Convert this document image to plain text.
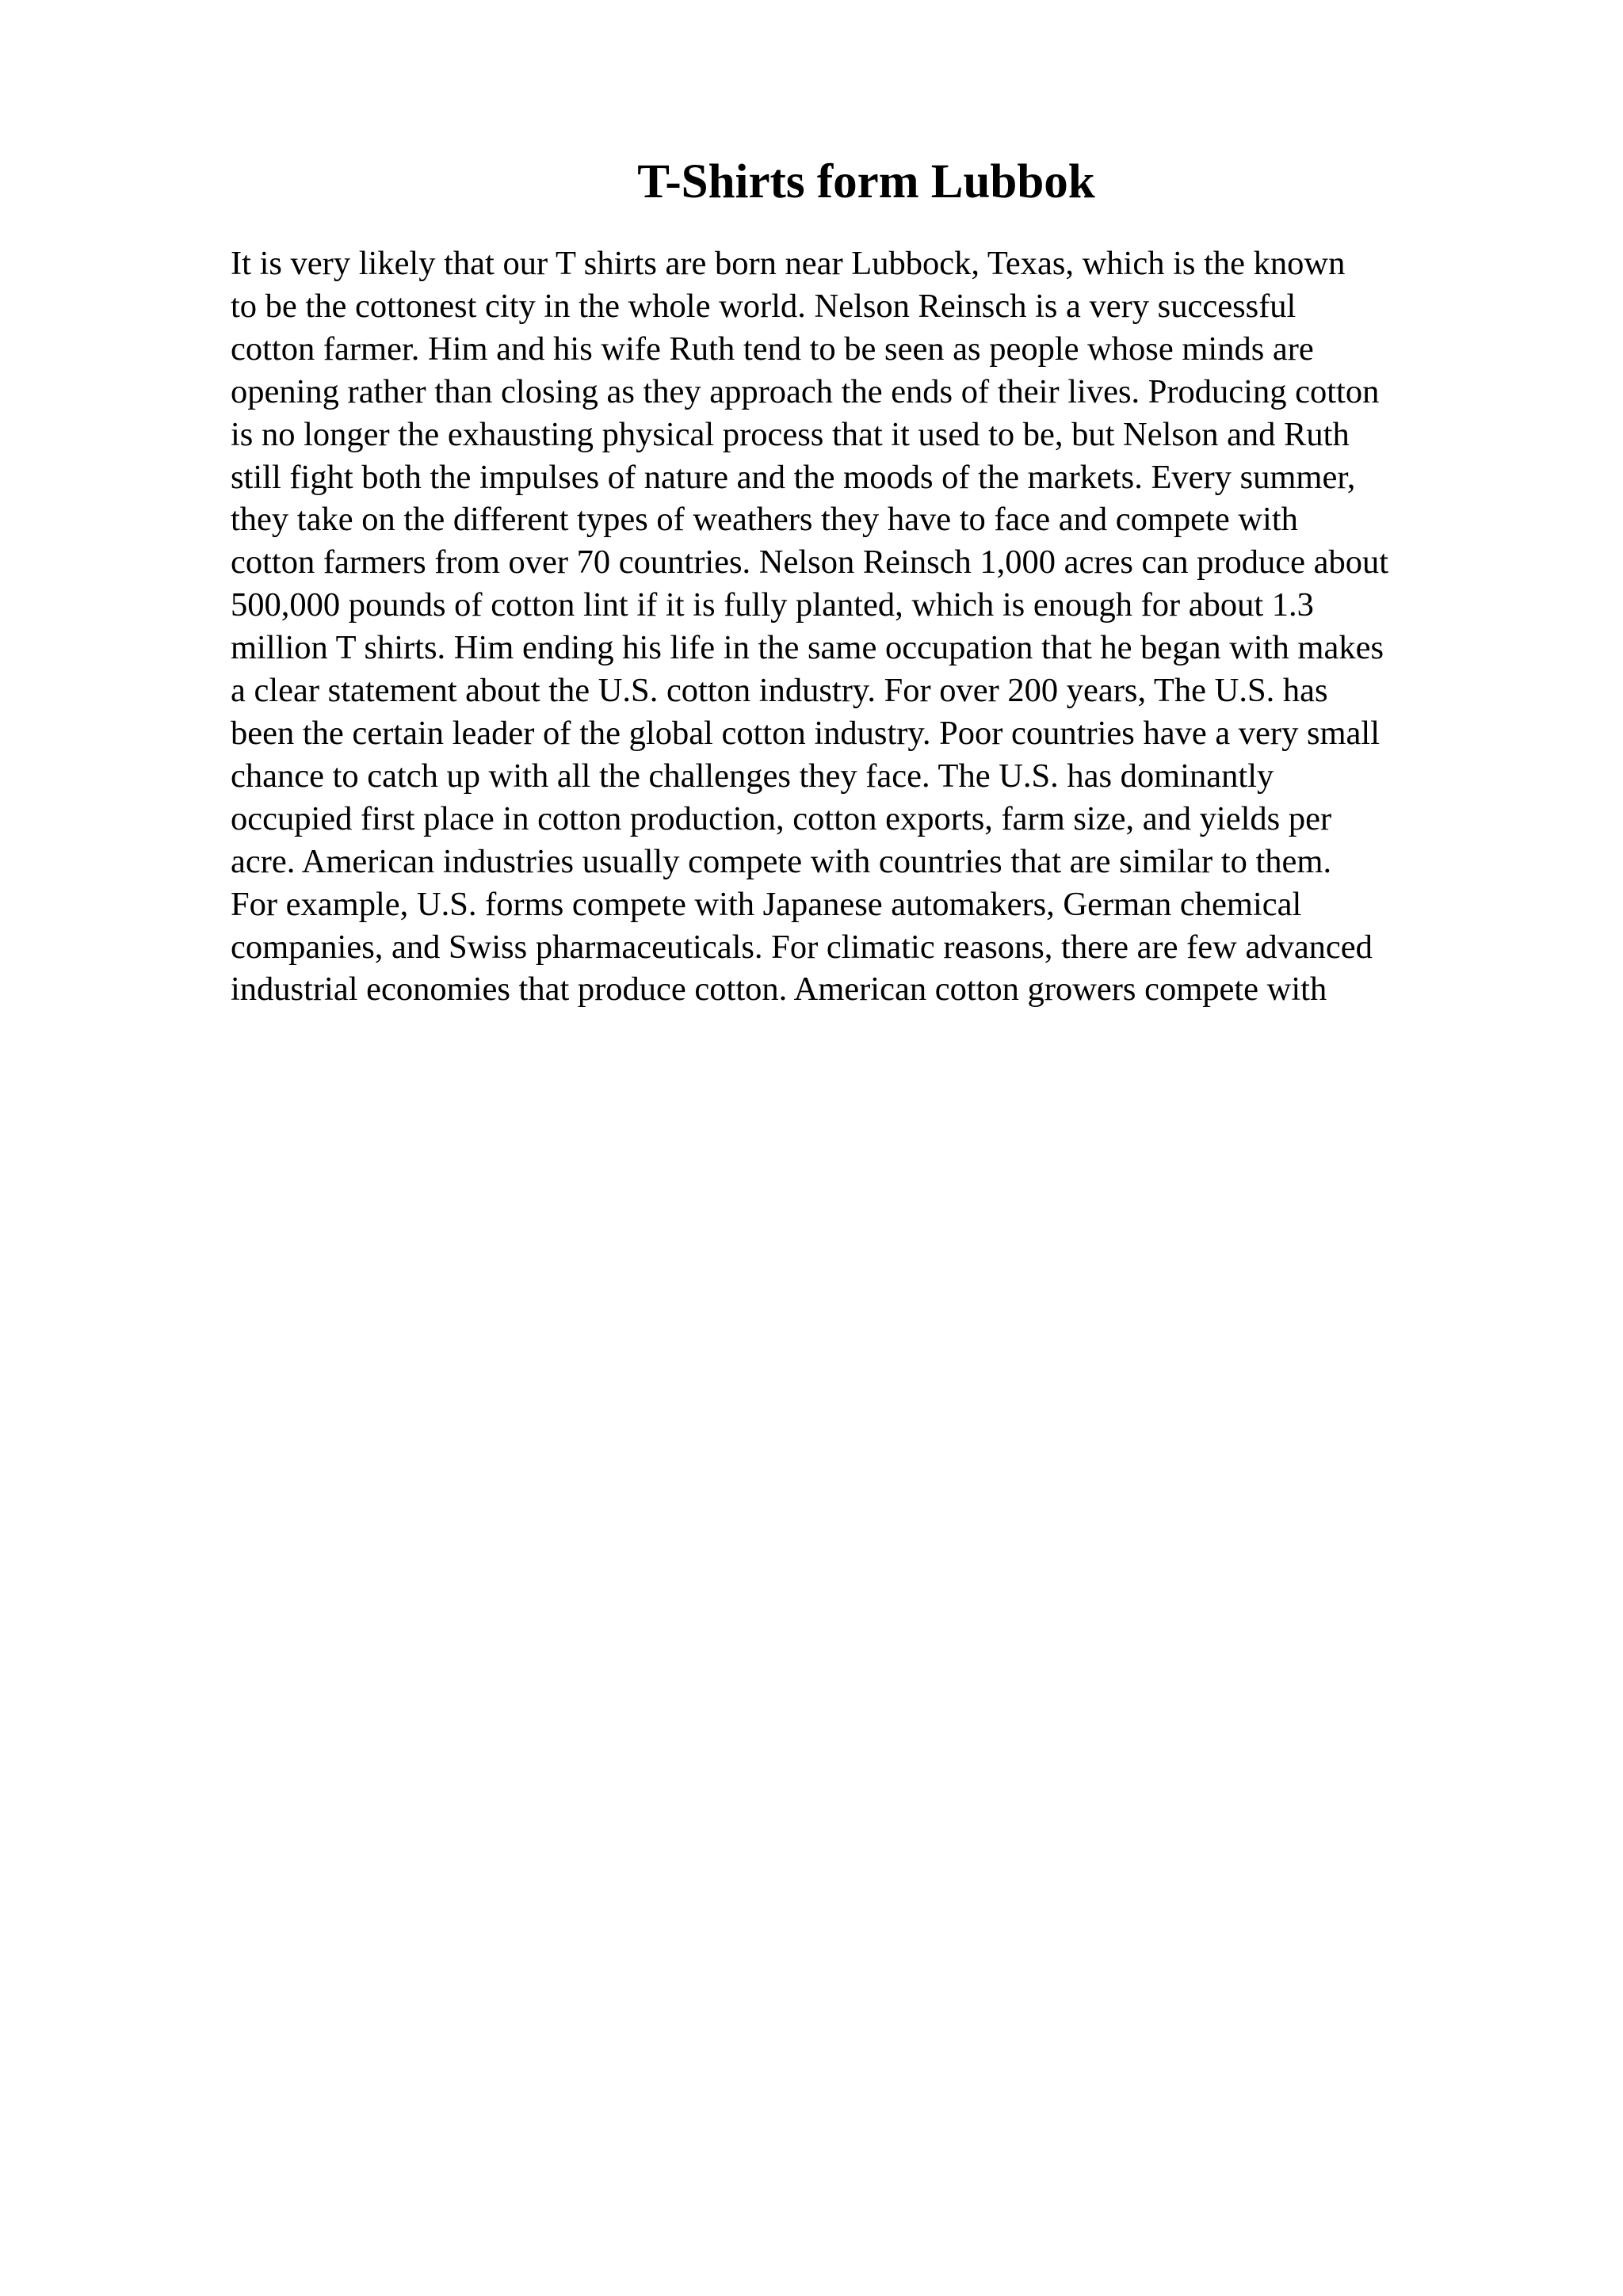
T-Shirts form Lubbok

It is very likely that our T shirts are born near Lubbock, Texas, which is the known
to be the cottonest city in the whole world. Nelson Reinsch is a very successful
cotton farmer. Him and his wife Ruth tend to be seen as people whose minds are
opening rather than closing as they approach the ends of their lives. Producing cotton
is no longer the exhausting physical process that it used to be, but Nelson and Ruth
still fight both the impulses of nature and the moods of the markets. Every summer,
they take on the different types of weathers they have to face and compete with
cotton farmers from over 70 countries. Nelson Reinsch 1,000 acres can produce about
500,000 pounds of cotton lint if it is fully planted, which is enough for about 1.3
million T shirts. Him ending his life in the same occupation that he began with makes
a clear statement about the U.S. cotton industry. For over 200 years, The U.S. has
been the certain leader of the global cotton industry. Poor countries have a very small
chance to catch up with all the challenges they face. The U.S. has dominantly
occupied first place in cotton production, cotton exports, farm size, and yields per
acre. American industries usually compete with countries that are similar to them.
For example, U.S. forms compete with Japanese automakers, German chemical
companies, and Swiss pharmaceuticals. For climatic reasons, there are few advanced
industrial economies that produce cotton. American cotton growers compete with
